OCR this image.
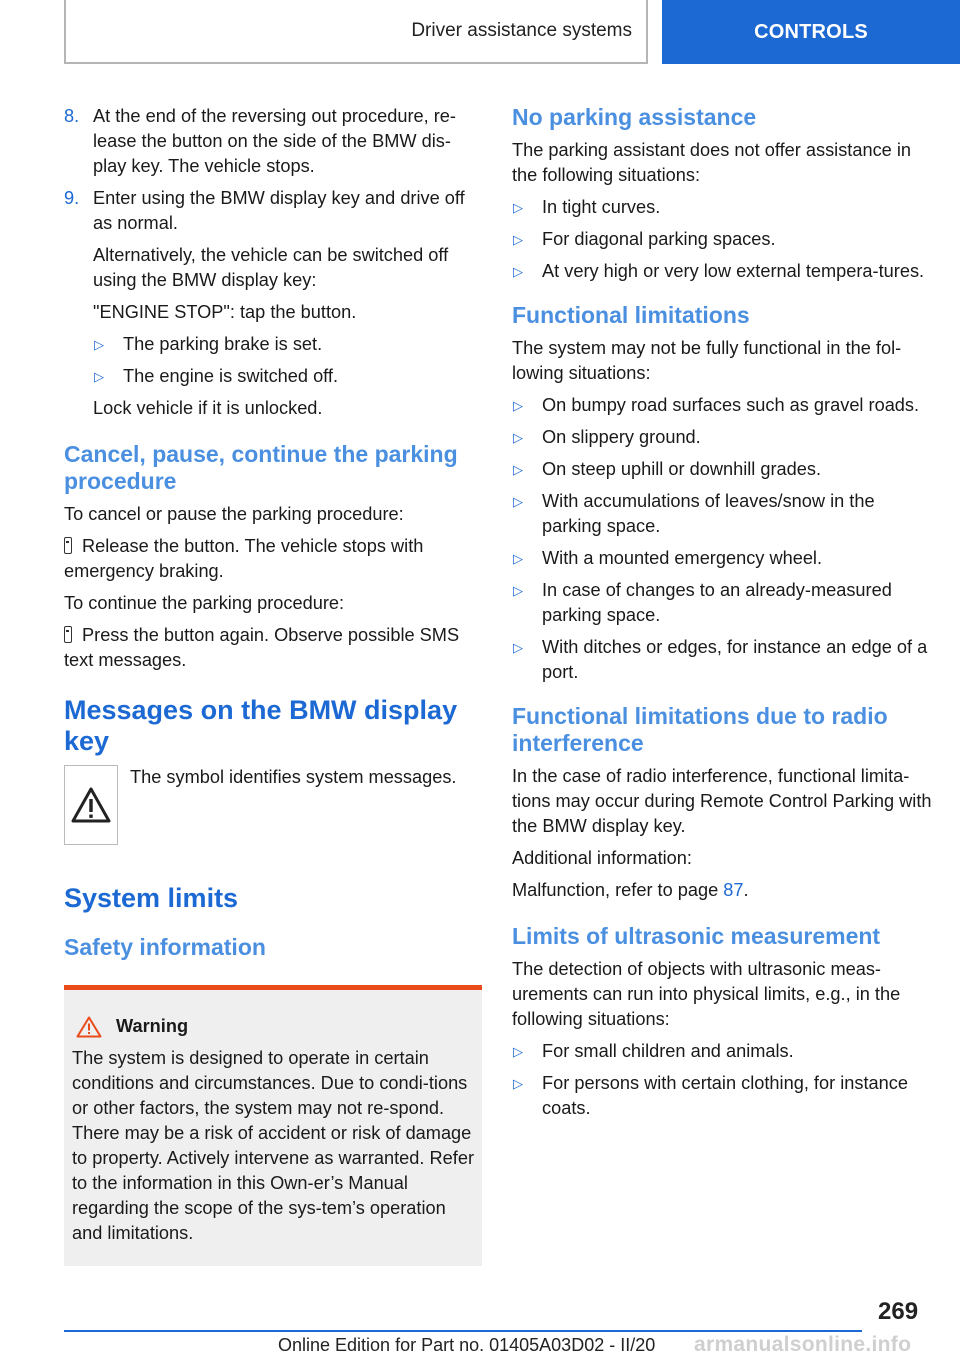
Driver assistance systems	CONTROLS
8. At the end of the reversing out procedure, re-lease the button on the side of the BMW dis-play key. The vehicle stops.

9. Enter using the BMW display key and drive off as normal.

Alternatively, the vehicle can be switched off using the BMW display key:

"ENGINE STOP": tap the button.

▷	The parking brake is set.
▷	The engine is switched off.

Lock vehicle if it is unlocked.

Cancel, pause, continue the parking procedure

To cancel or pause the parking procedure:

Release the button. The vehicle stops with emergency braking.

To continue the parking procedure:

Press the button again. Observe possible SMS text messages.

Messages on the BMW display key

The symbol identifies system messages.

System limits
Safety information
Warning

The system is designed to operate in certain conditions and circumstances. Due to condi-tions or other factors, the system may not re-spond. There may be a risk of accident or risk of damage to property. Actively intervene as warranted. Refer to the information in this Own-er’s Manual regarding the scope of the sys-tem’s operation and limitations.

No parking assistance

The parking assistant does not offer assistance in the following situations:

▷	In tight curves.
▷	For diagonal parking spaces.
▷	At very high or very low external tempera-tures.
Functional limitations

The system may not be fully functional in the fol-lowing situations:

▷	On bumpy road surfaces such as gravel roads.
▷	On slippery ground.
▷	On steep uphill or downhill grades.
▷	With accumulations of leaves/snow in the parking space.
▷	With a mounted emergency wheel.
▷	In case of changes to an already-measured parking space.
▷	With ditches or edges, for instance an edge of a port.
Functional limitations due to radio interference

In the case of radio interference, functional limita-tions may occur during Remote Control Parking with the BMW display key.

Additional information:

Malfunction, refer to page 87.

Limits of ultrasonic measurement

The detection of objects with ultrasonic meas-urements can run into physical limits, e.g., in the following situations:

▷	For small children and animals.
▷	For persons with certain clothing, for instance coats.
269
Online Edition for Part no. 01405A03D02 - II/20 armanualsonline.info
